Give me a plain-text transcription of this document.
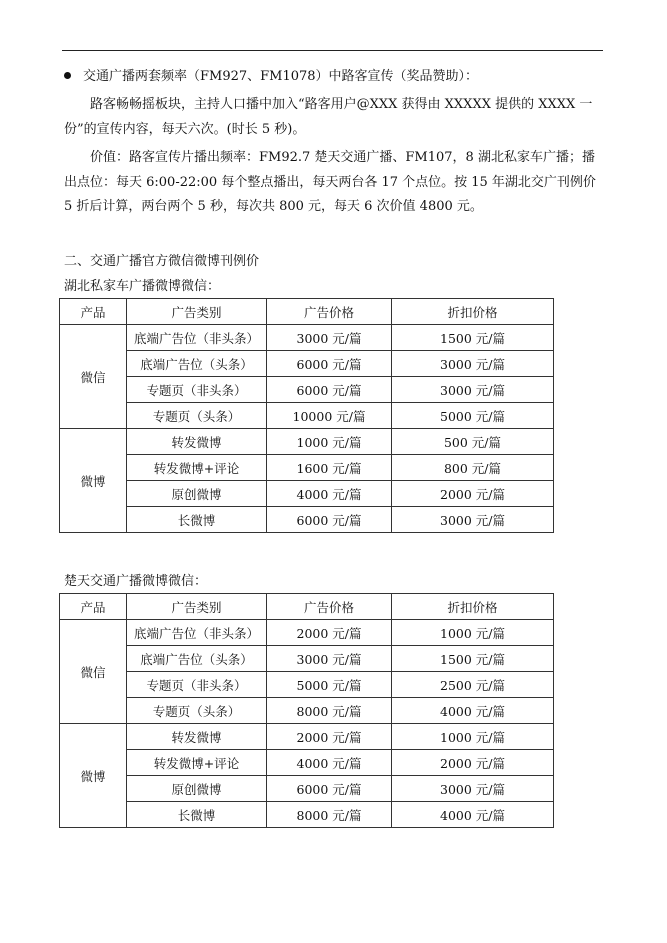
交通广播两套频率（FM927、FM1078）中路客宣传（奖品赞助）：

路客畅畅摇板块，主持人口播中加入“路客用户@XXX 获得由 XXXXX 提供的 XXXX 一份”的宣传内容，每天六次。(时长 5 秒)。

价值：路客宣传片播出频率：FM92.7 楚天交通广播、FM107，8 湖北私家车广播；播出点位：每天 6:00-22:00 每个整点播出，每天两台各 17 个点位。按 15 年湖北交广刊例价 5 折后计算，两台两个 5 秒，每次共 800 元，每天 6 次价值 4800 元。

二、交通广播官方微信微博刊例价
湖北私家车广播微博微信：
产品	广告类别	广告价格	折扣价格
微信	底端广告位（非头条）	3000 元/篇	1500 元/篇
	底端广告位（头条）	6000 元/篇	3000 元/篇
	专题页（非头条）	6000 元/篇	3000 元/篇
	专题页（头条）	10000 元/篇	5000 元/篇
微博	转发微博	1000 元/篇	500 元/篇
	转发微博+评论	1600 元/篇	800 元/篇
	原创微博	4000 元/篇	2000 元/篇
	长微博	6000 元/篇	3000 元/篇
楚天交通广播微博微信：
产品	广告类别	广告价格	折扣价格
微信	底端广告位（非头条）	2000 元/篇	1000 元/篇
	底端广告位（头条）	3000 元/篇	1500 元/篇
	专题页（非头条）	5000 元/篇	2500 元/篇
	专题页（头条）	8000 元/篇	4000 元/篇
微博	转发微博	2000 元/篇	1000 元/篇
	转发微博+评论	4000 元/篇	2000 元/篇
	原创微博	6000 元/篇	3000 元/篇
	长微博	8000 元/篇	4000 元/篇
